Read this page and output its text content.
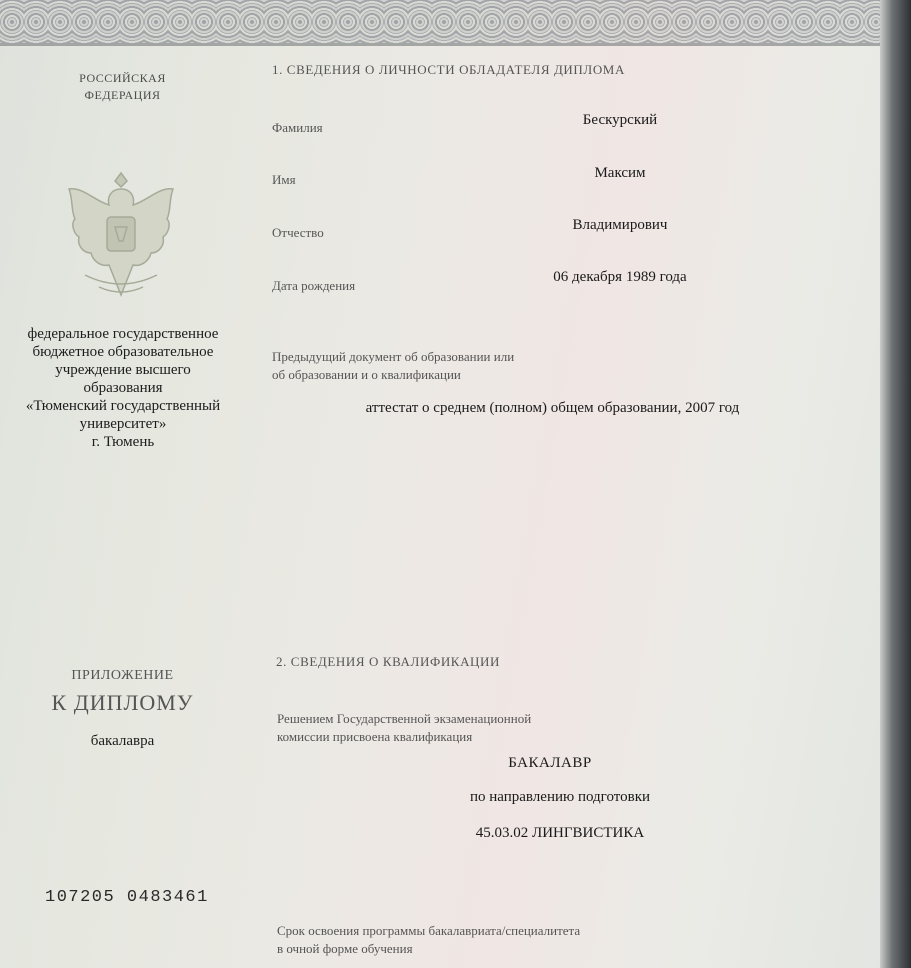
РОССИЙСКАЯ
ФЕДЕРАЦИЯ
федеральное государственное
бюджетное образовательное
учреждение высшего
образования
«Тюменский государственный
университет»
г. Тюмень
ПРИЛОЖЕНИЕ
К ДИПЛОМУ
бакалавра
107205 0483461
1. СВЕДЕНИЯ О ЛИЧНОСТИ ОБЛАДАТЕЛЯ ДИПЛОМА
Фамилия	Бескурский
Имя	Максим
Отчество	Владимирович
Дата рождения
06 декабря 1989 года
Предыдущий документ об образовании или
об образовании и о квалификации
аттестат о среднем (полном) общем образовании, 2007 год
2. СВЕДЕНИЯ О КВАЛИФИКАЦИИ
Решением Государственной экзаменационной
комиссии присвоена квалификация
БАКАЛАВР
по направлению подготовки
45.03.02 ЛИНГВИСТИКА
Срок освоения программы бакалавриата/специалитета
в очной форме обучения
